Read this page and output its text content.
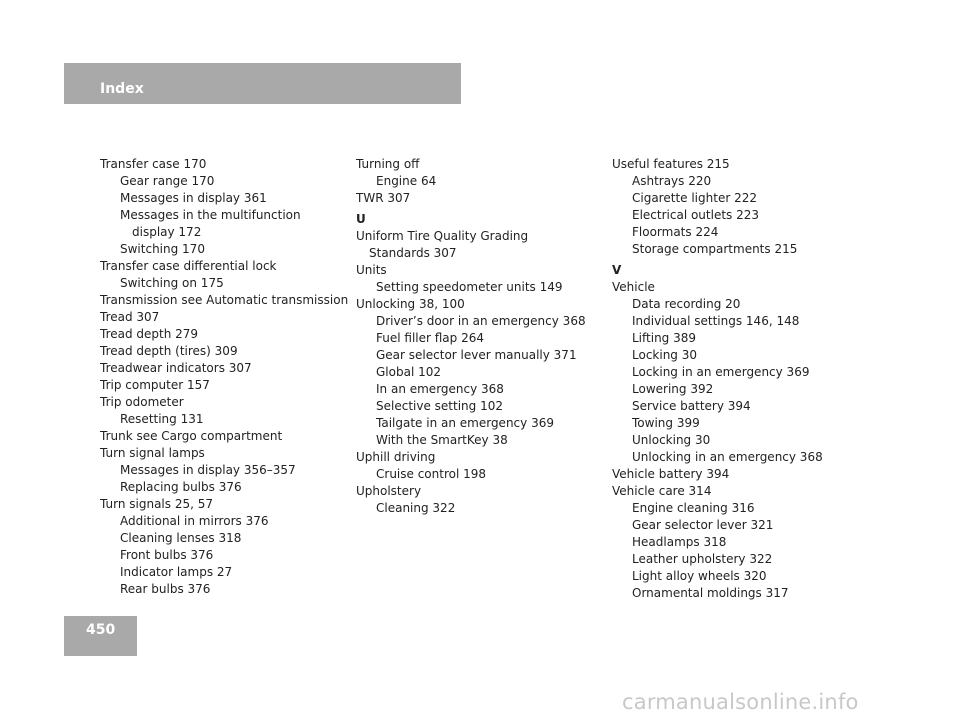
Index
Transfer case 170
Gear range 170
Messages in display 361
Messages in the multifunction
display 172
Switching 170
Transfer case differential lock
Switching on 175
Transmission see Automatic transmission
Tread 307
Tread depth 279
Tread depth (tires) 309
Treadwear indicators 307
Trip computer 157
Trip odometer
Resetting 131
Trunk see Cargo compartment
Turn signal lamps
Messages in display 356–357
Replacing bulbs 376
Turn signals 25, 57
Additional in mirrors 376
Cleaning lenses 318
Front bulbs 376
Indicator lamps 27
Rear bulbs 376
Turning off
Engine 64
TWR 307
U
Uniform Tire Quality Grading
Standards 307
Units
Setting speedometer units 149
Unlocking 38, 100
Driver’s door in an emergency 368
Fuel filler flap 264
Gear selector lever manually 371
Global 102
In an emergency 368
Selective setting 102
Tailgate in an emergency 369
With the SmartKey 38
Uphill driving
Cruise control 198
Upholstery
Cleaning 322
Useful features 215
Ashtrays 220
Cigarette lighter 222
Electrical outlets 223
Floormats 224
Storage compartments 215
V
Vehicle
Data recording 20
Individual settings 146, 148
Lifting 389
Locking 30
Locking in an emergency 369
Lowering 392
Service battery 394
Towing 399
Unlocking 30
Unlocking in an emergency 368
Vehicle battery 394
Vehicle care 314
Engine cleaning 316
Gear selector lever 321
Headlamps 318
Leather upholstery 322
Light alloy wheels 320
Ornamental moldings 317
450
carmanualsonline.info
